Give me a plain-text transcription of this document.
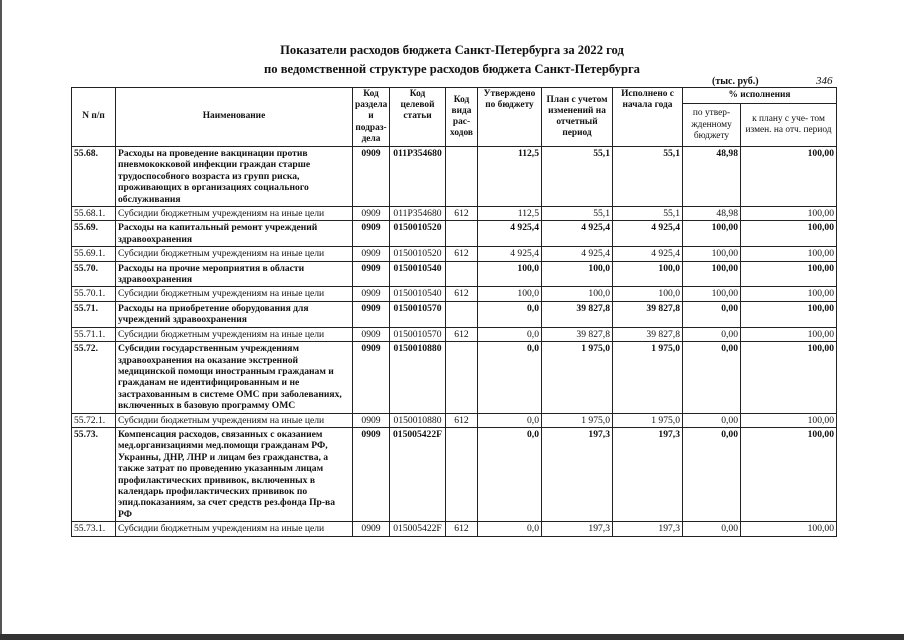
Показатели расходов бюджета Санкт-Петербурга за 2022 год
по ведомственной структуре расходов бюджета Санкт-Петербурга
(тыс. руб.)	346
N п/п	Наименование	Код раздела и подраз- дела	Код целевой статьи	Код вида рас- ходов	Утверждено по бюджету	План с учетом изменений на отчетный период	Исполнено с начала года	% исполнения	
								по утвер- жденному бюджету	к плану с уче- том измен. на отч. период
55.68.	Расходы на проведение вакцинации против пневмококковой инфекции граждан старше трудоспособного возраста из групп риска, проживающих в организациях социального обслуживания	0909	011P354680		112,5	55,1	55,1	48,98	100,00
55.68.1.	Субсидии бюджетным учреждениям на иные цели	0909	011P354680	612	112,5	55,1	55,1	48,98	100,00
55.69.	Расходы на капитальный ремонт учреждений здравоохранения	0909	0150010520		4 925,4	4 925,4	4 925,4	100,00	100,00
55.69.1.	Субсидии бюджетным учреждениям на иные цели	0909	0150010520	612	4 925,4	4 925,4	4 925,4	100,00	100,00
55.70.	Расходы на прочие мероприятия в области здравоохранения	0909	0150010540		100,0	100,0	100,0	100,00	100,00
55.70.1.	Субсидии бюджетным учреждениям на иные цели	0909	0150010540	612	100,0	100,0	100,0	100,00	100,00
55.71.	Расходы на приобретение оборудования для учреждений здравоохранения	0909	0150010570		0,0	39 827,8	39 827,8	0,00	100,00
55.71.1.	Субсидии бюджетным учреждениям на иные цели	0909	0150010570	612	0,0	39 827,8	39 827,8	0,00	100,00
55.72.	Субсидии государственным учреждениям здравоохранения на оказание экстренной медицинской помощи иностранным гражданам и гражданам не идентифицированным и не застрахованным в системе ОМС при заболеваниях, включенных в базовую программу ОМС	0909	0150010880		0,0	1 975,0	1 975,0	0,00	100,00
55.72.1.	Субсидии бюджетным учреждениям на иные цели	0909	0150010880	612	0,0	1 975,0	1 975,0	0,00	100,00
55.73.	Компенсация расходов, связанных с оказанием мед.организациями мед.помощи гражданам РФ, Украины, ДНР, ЛНР и лицам без гражданства, а также затрат по проведению указанным лицам профилактических прививок, включенных в календарь профилактических прививок по эпид.показаниям, за счет средств рез.фонда Пр-ва РФ	0909	015005422F		0,0	197,3	197,3	0,00	100,00
55.73.1.	Субсидии бюджетным учреждениям на иные цели	0909	015005422F	612	0,0	197,3	197,3	0,00	100,00
